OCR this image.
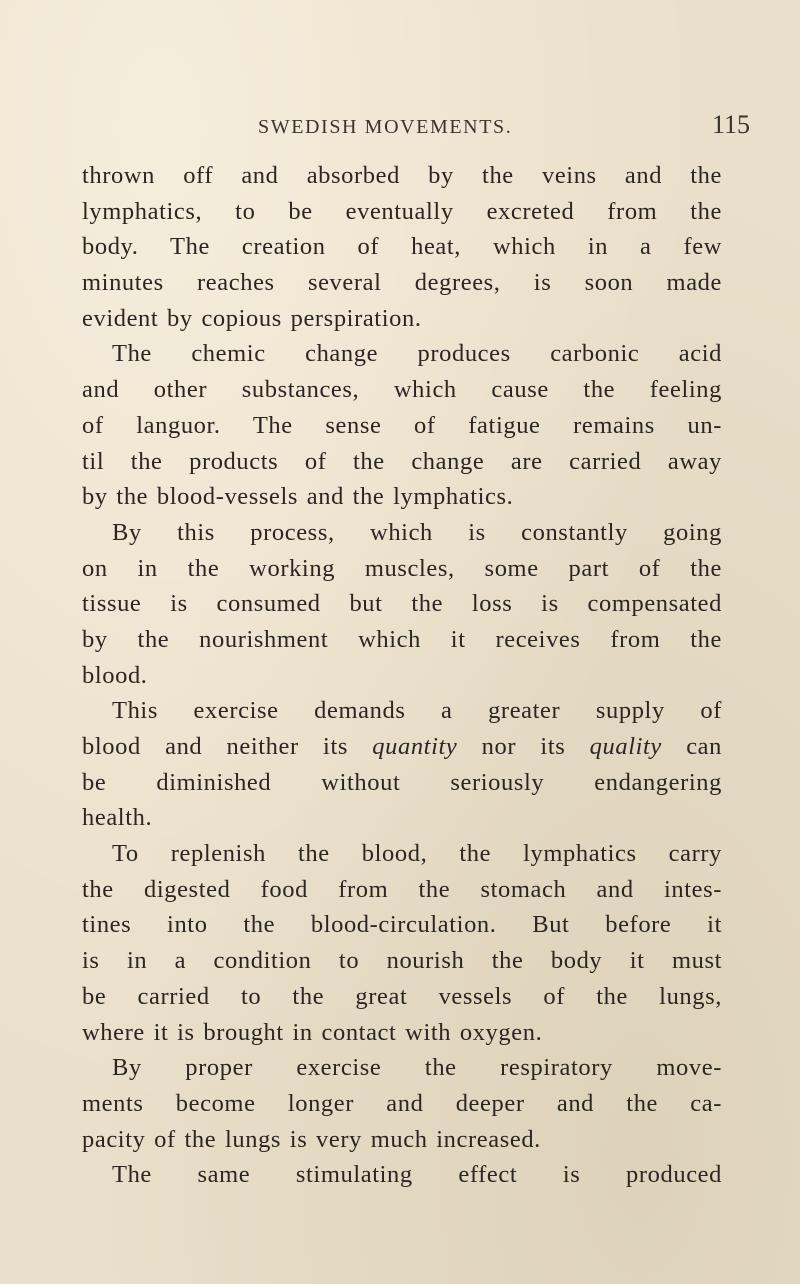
SWEDISH MOVEMENTS.	115
thrown off and absorbed by the veins and the
lymphatics, to be eventually excreted from the
body. The creation of heat, which in a few
minutes reaches several degrees, is soon made
evident by copious perspiration.
The chemic change produces carbonic acid
and other substances, which cause the feeling
of languor. The sense of fatigue remains un-
til the products of the change are carried away
by the blood-vessels and the lymphatics.
By this process, which is constantly going
on in the working muscles, some part of the
tissue is consumed but the loss is compensated
by the nourishment which it receives from the
blood.
This exercise demands a greater supply of
blood and neither its quantity nor its quality can
be diminished without seriously endangering
health.
To replenish the blood, the lymphatics carry
the digested food from the stomach and intes-
tines into the blood-circulation. But before it
is in a condition to nourish the body it must
be carried to the great vessels of the lungs,
where it is brought in contact with oxygen.
By proper exercise the respiratory move-
ments become longer and deeper and the ca-
pacity of the lungs is very much increased.
The same stimulating effect is produced
